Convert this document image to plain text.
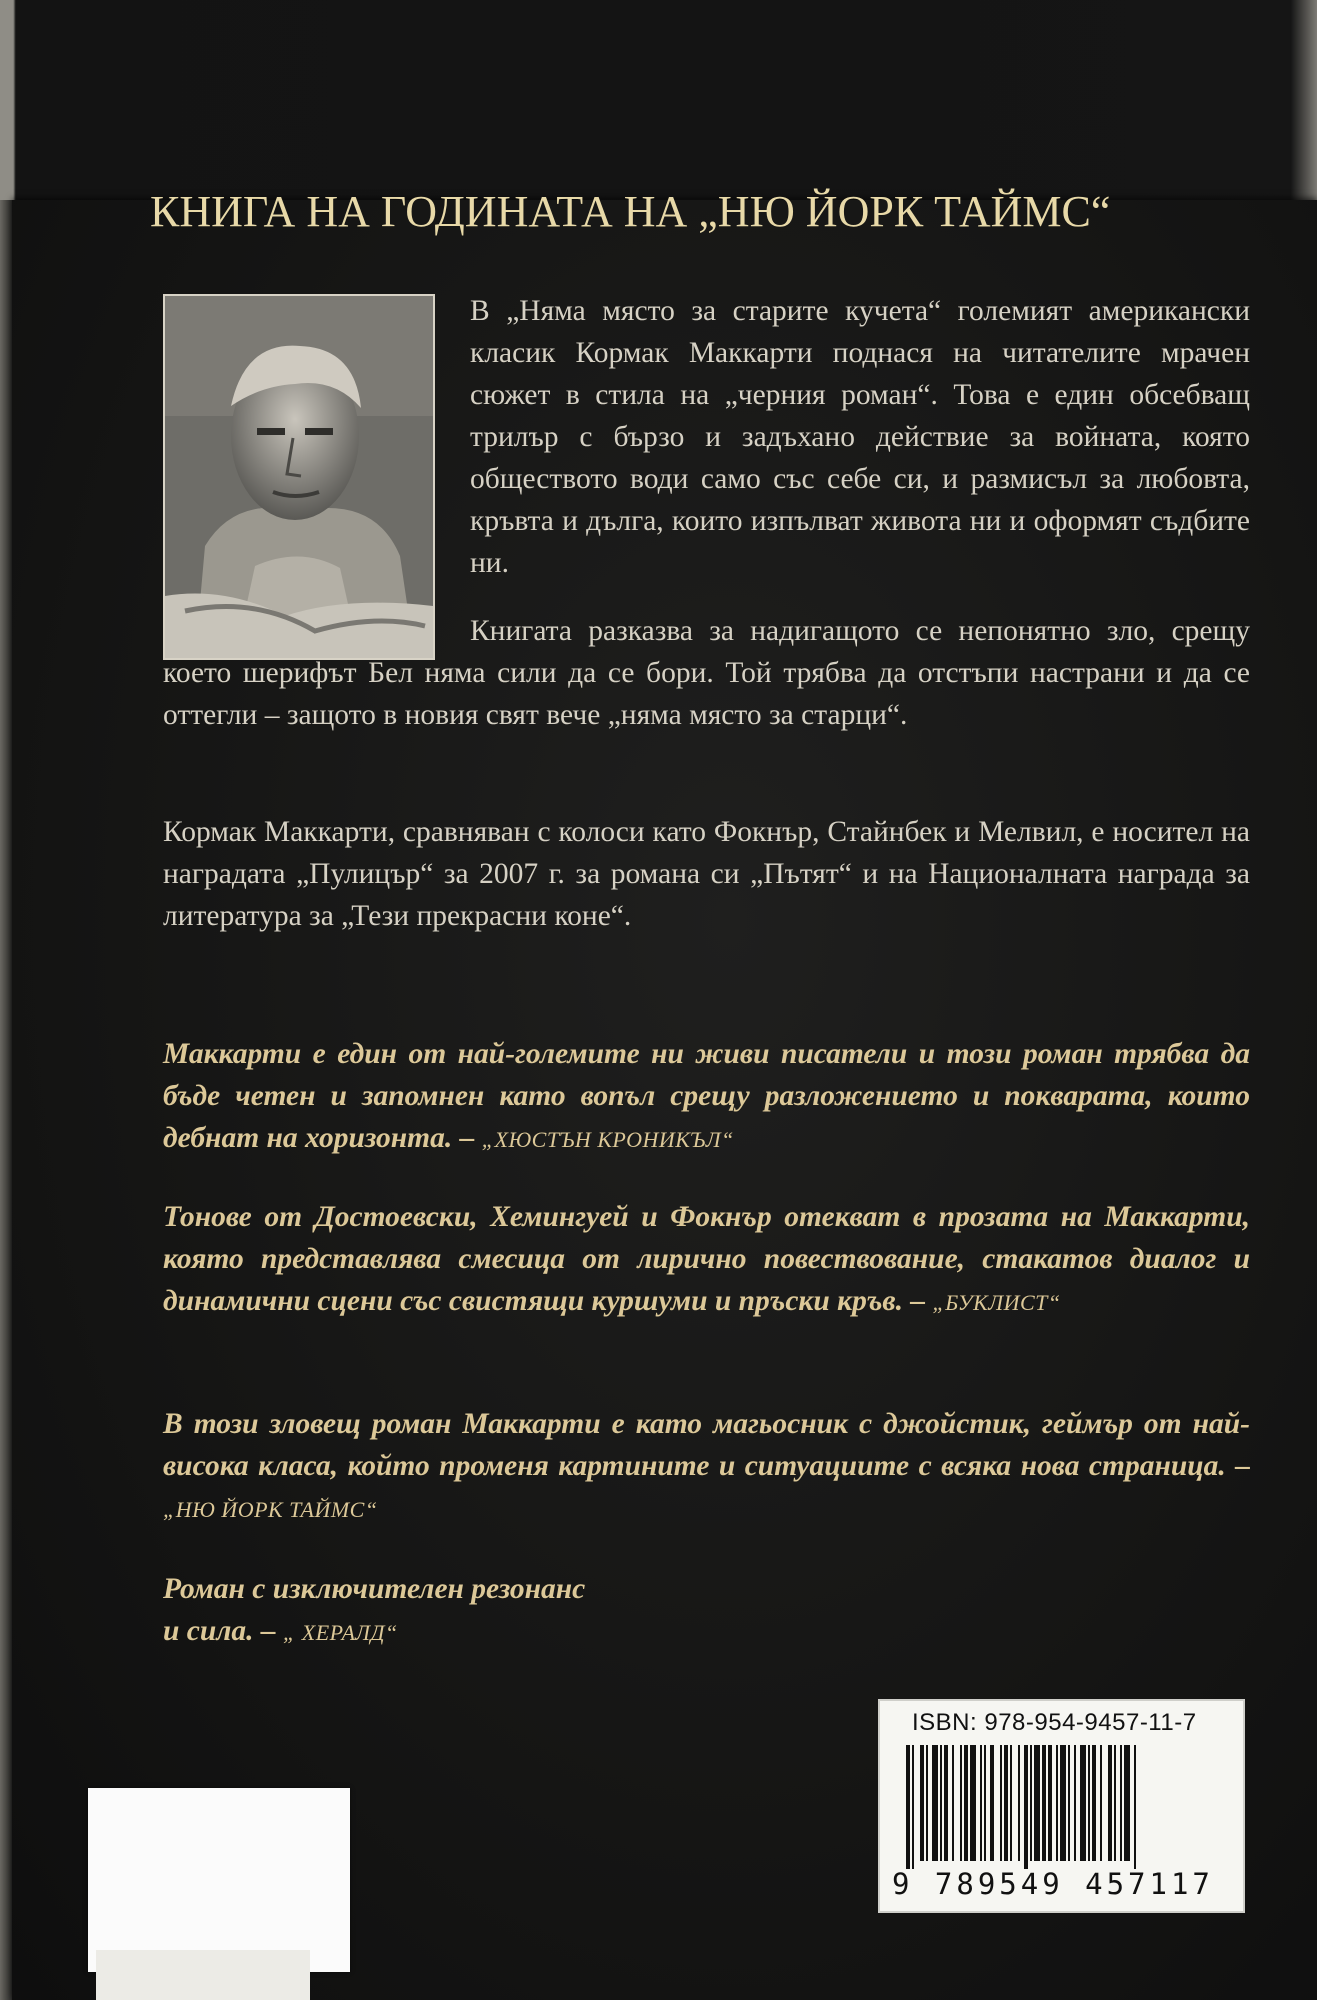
КНИГА НА ГОДИНАТА НА „НЮ ЙОРК ТАЙМС“
В „Няма място за старите кучета“ големият американски класик Кормак Маккарти поднася на читателите мрачен сюжет в стила на „черния роман“. Това е един обсебващ трилър с бързо и задъхано действие за войната, която обществото води само със себе си, и размисъл за любовта, кръвта и дълга, които изпълват живота ни и оформят съдбите ни.
Книгата разказва за надигащото се непонятно зло, срещу което шерифът Бел няма сили да се бори. Той трябва да отстъпи настрани и да се оттегли – защото в новия свят вече „няма място за старци“.
Кормак Маккарти, сравняван с колоси като Фокнър, Стайнбек и Мелвил, е носител на наградата „Пулицър“ за 2007 г. за романа си „Пътят“ и на Националната награда за литература за „Тези прекрасни коне“.
Маккарти е един от най-големите ни живи писатели и този роман трябва да бъде четен и запомнен като вопъл срещу разложението и покварата, които дебнат на хоризонта. – „ХЮСТЪН КРОНИКЪЛ“
Тонове от Достоевски, Хемингуей и Фокнър отекват в прозата на Маккарти, която представлява смесица от лирично повествование, стакатов диалог и динамични сцени със свистящи куршуми и пръски кръв. – „БУКЛИСТ“
В този зловещ роман Маккарти е като магьосник с джойстик, геймър от най-висока класа, който променя картините и ситуациите с всяка нова страница. – „НЮ ЙОРК ТАЙМС“
Роман с изключителен резонанс
и сила. – „ ХЕРАЛД“
ISBN: 978-954-9457-11-7
9 789549 457117
